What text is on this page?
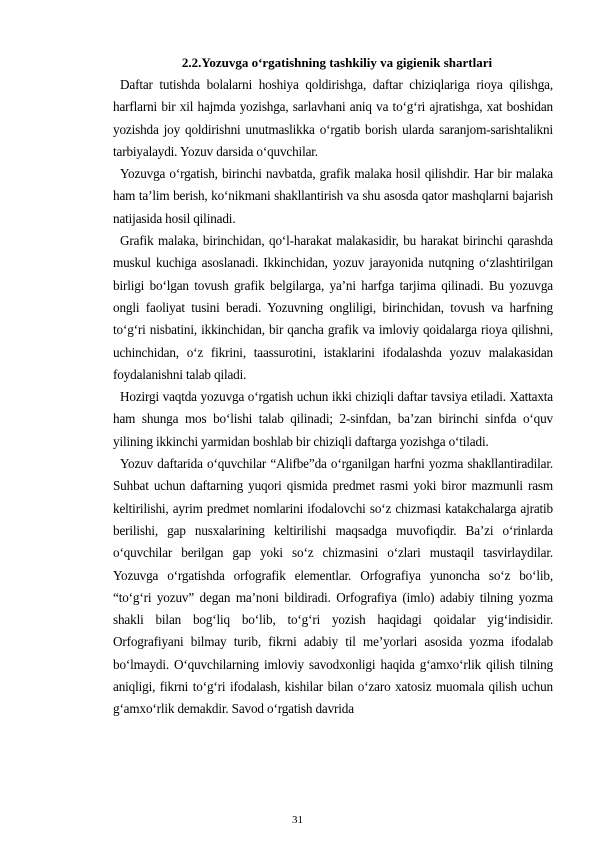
2.2.Yozuvga o‘rgatishning tashkiliy va gigienik shartlari

Daftar tutishda bolalarni hoshiya qoldirishga, daftar chiziqlariga rioya qilishga, harflarni bir xil hajmda yozishga, sarlavhani aniq va to‘g‘ri ajratishga, xat boshidan yozishda joy qoldirishni unutmaslikka o‘rgatib borish ularda saranjom-sarishtalikni tarbiyalaydi. Yozuv darsida o‘quvchilar.

Yozuvga o‘rgatish, birinchi navbatda, grafik malaka hosil qilishdir. Har bir malaka ham ta’lim berish, ko‘nikmani shakllantirish va shu asosda qator mashqlarni bajarish natijasida hosil qilinadi.

Grafik malaka, birinchidan, qo‘l-harakat malakasidir, bu harakat birinchi qarashda muskul kuchiga asoslanadi. Ikkinchidan, yozuv jarayonida nutqning o‘zlashtirilgan birligi bo‘lgan tovush grafik belgilarga, ya’ni harfga tarjima qilinadi. Bu yozuvga ongli faoliyat tusini beradi. Yozuvning ongliligi, birinchidan, tovush va harfning to‘g‘ri nisbatini, ikkinchidan, bir qancha grafik va imloviy qoidalarga rioya qilishni, uchinchidan, o‘z fikrini, taassurotini, istaklarini ifodalashda yozuv malakasidan foydalanishni talab qiladi.

Hozirgi vaqtda yozuvga o‘rgatish uchun ikki chiziqli daftar tavsiya etiladi. Xattaxta ham shunga mos bo‘lishi talab qilinadi; 2-sinfdan, ba’zan birinchi sinfda o‘quv yilining ikkinchi yarmidan boshlab bir chiziqli daftarga yozishga o‘tiladi.

Yozuv daftarida o‘quvchilar “Alifbe”da o‘rganilgan harfni yozma shakllantiradilar. Suhbat uchun daftarning yuqori qismida predmet rasmi yoki biror mazmunli rasm keltirilishi, ayrim predmet nomlarini ifodalovchi so‘z chizmasi katakchalarga ajratib berilishi, gap nusxalarining keltirilishi maqsadga muvofiqdir. Ba’zi o‘rinlarda o‘quvchilar berilgan gap yoki so‘z chizmasini o‘zlari mustaqil tasvirlaydilar. Yozuvga o‘rgatishda orfografik elementlar. Orfografiya yunoncha so‘z bo‘lib, “to‘g‘ri yozuv” degan ma’noni bildiradi. Orfografiya (imlo) adabiy tilning yozma shakli bilan bog‘liq bo‘lib, to‘g‘ri yozish haqidagi qoidalar yig‘indisidir. Orfografiyani bilmay turib, fikrni adabiy til me’yorlari asosida yozma ifodalab bo‘lmaydi. O‘quvchilarning imloviy savodxonligi haqida g‘amxo‘rlik qilish tilning aniqligi, fikrni to‘g‘ri ifodalash, kishilar bilan o‘zaro xatosiz muomala qilish uchun g‘amxo‘rlik demakdir. Savod o‘rgatish davrida

31
